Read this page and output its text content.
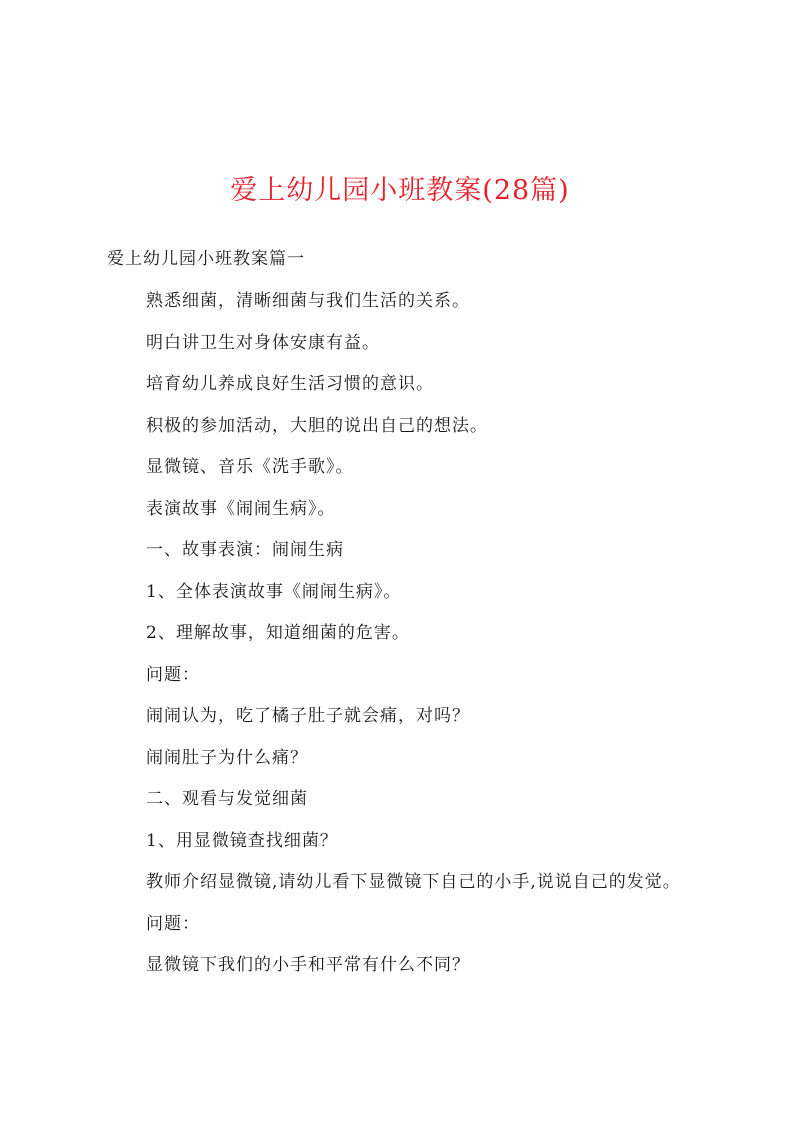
爱上幼儿园小班教案(28篇)
爱上幼儿园小班教案篇一
熟悉细菌，清晰细菌与我们生活的关系。
明白讲卫生对身体安康有益。
培育幼儿养成良好生活习惯的意识。
积极的参加活动，大胆的说出自己的想法。
显微镜、音乐《洗手歌》。
表演故事《闹闹生病》。
一、故事表演：闹闹生病
1、全体表演故事《闹闹生病》。
2、理解故事，知道细菌的危害。
问题：
闹闹认为，吃了橘子肚子就会痛，对吗？
闹闹肚子为什么痛？
二、观看与发觉细菌
1、用显微镜查找细菌？
教师介绍显微镜,请幼儿看下显微镜下自己的小手,说说自己的发觉。
问题：
显微镜下我们的小手和平常有什么不同？
